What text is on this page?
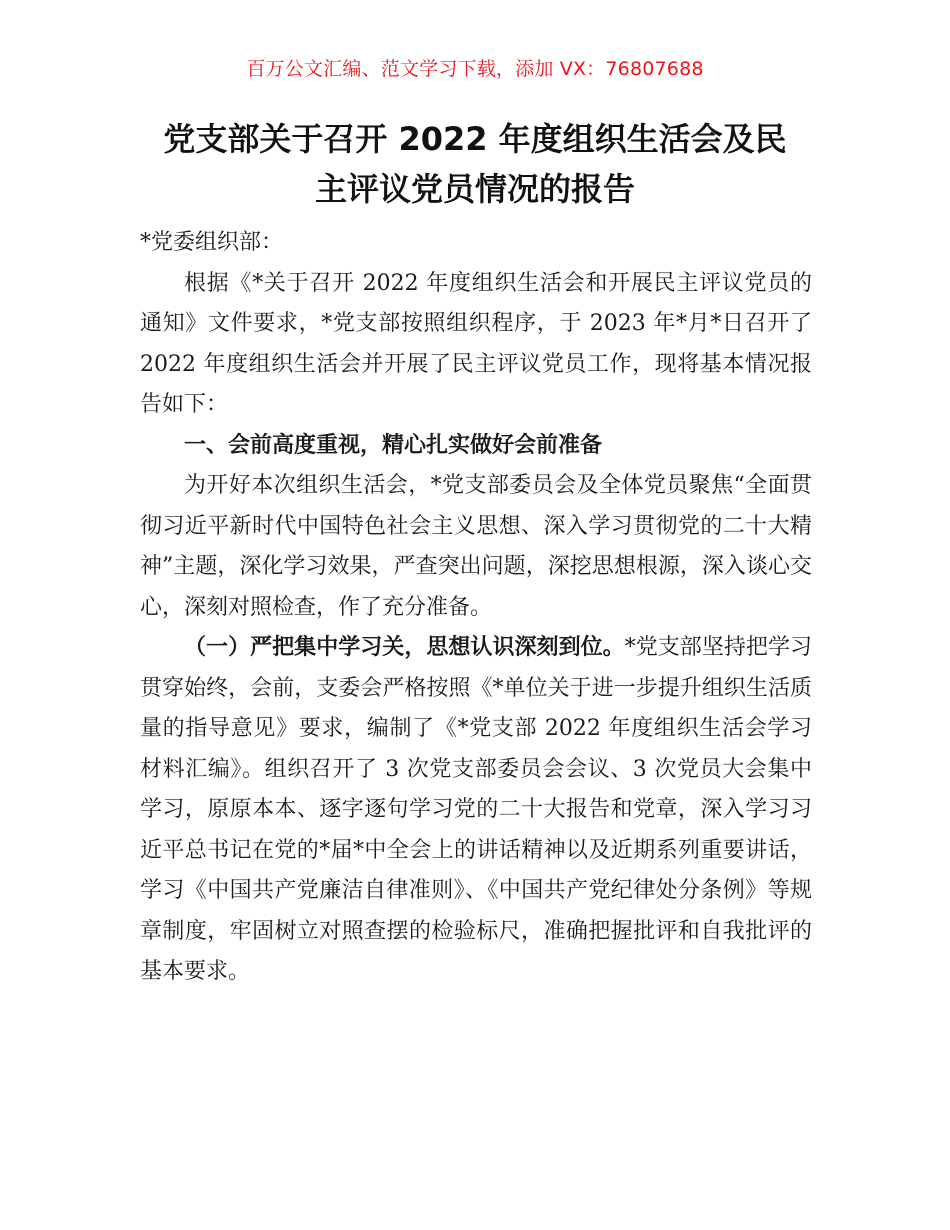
百万公文汇编、范文学习下载，添加 VX：76807688
党支部关于召开 2022 年度组织生活会及民
主评议党员情况的报告

*党委组织部：

根据《*关于召开 2022 年度组织生活会和开展民主评议党员的通知》文件要求，*党支部按照组织程序，于 2023 年*月*日召开了 2022 年度组织生活会并开展了民主评议党员工作，现将基本情况报告如下：

一、会前高度重视，精心扎实做好会前准备

为开好本次组织生活会，*党支部委员会及全体党员聚焦“全面贯彻习近平新时代中国特色社会主义思想、深入学习贯彻党的二十大精神”主题，深化学习效果，严查突出问题，深挖思想根源，深入谈心交心，深刻对照检查，作了充分准备。

（一）严把集中学习关，思想认识深刻到位。*党支部坚持把学习贯穿始终，会前，支委会严格按照《*单位关于进一步提升组织生活质量的指导意见》要求，编制了《*党支部 2022 年度组织生活会学习材料汇编》。组织召开了 3 次党支部委员会会议、3 次党员大会集中学习，原原本本、逐字逐句学习党的二十大报告和党章，深入学习习近平总书记在党的*届*中全会上的讲话精神以及近期系列重要讲话，学习《中国共产党廉洁自律准则》、《中国共产党纪律处分条例》等规章制度，牢固树立对照查摆的检验标尺，准确把握批评和自我批评的基本要求。
